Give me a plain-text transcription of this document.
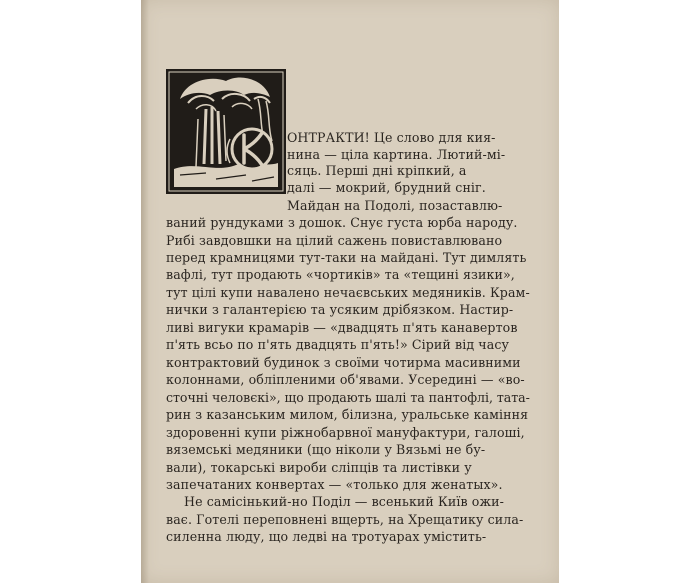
ОНТРАКТИ! Це слово для кия-
нина — ціла картина. Лютий-мі-
сяць. Перші дні кріпкий, а
далі — мокрий, брудний сніг.
Майдан на Подолі, позаставлю-
ваний рундуками з дошок. Снує густа юрба народу.
Рибі завдовшки на цілий сажень повиставлювано
перед крамницями тут-таки на майдані. Тут димлять
вафлі, тут продають «чортиків» та «тещині язики»,
тут цілі купи навалено нечаєвських медяників. Крам-
нички з галантерією та усяким дрібязком. Настир-
ливі вигуки крамарів — «двадцять п'ять канавертов
п'ять всьо по п'ять двадцять п'ять!» Сірий від часу
контрактовий будинок з своїми чотирма масивними
колоннами, обліпленими об'явами. Усередині — «во-
сточні человєкі», що продають шалі та пантофлі, тата-
рин з казанським милом, білизна, уральське каміння
здоровенні купи ріжнобарвної мануфактури, галоші,
вяземські медяники (що ніколи у Вязьмі не бу-
вали), токарські вироби сліпців та листівки у
запечатаних конвертах — «только для женатых».
Не самісінький-но Поділ — всенький Київ ожи-
ває. Готелі переповнені вщерть, на Хрещатику сила-
силенна люду, що ледві на тротуарах умістить-
